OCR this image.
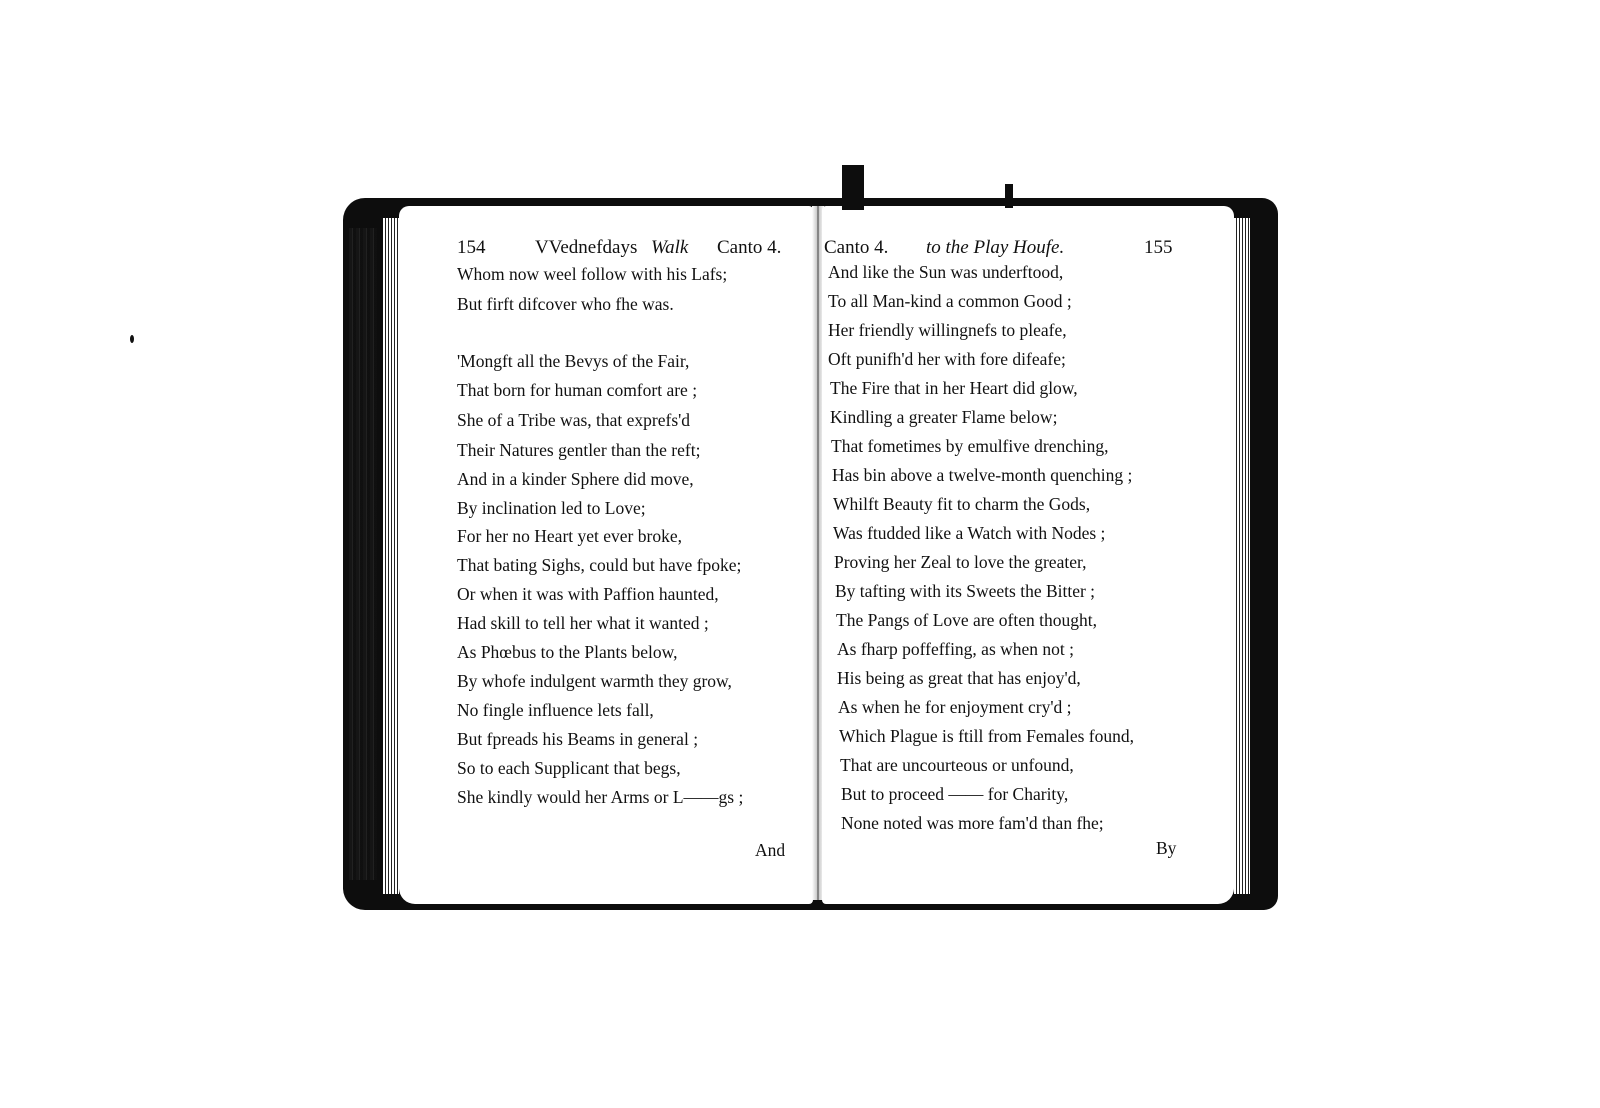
154	VVednefdays Walk Canto 4.
Whom now weel follow with his Lafs;
But firft difcover who fhe was.
'Mongft all the Bevys of the Fair,
That born for human comfort are ;
She of a Tribe was, that exprefs'd
Their Natures gentler than the reft;
And in a kinder Sphere did move,
By inclination led to Love;
For her no Heart yet ever broke,
That bating Sighs, could but have fpoke;
Or when it was with Paffion haunted,
Had skill to tell her what it wanted ;
As Phœbus to the Plants below,
By whofe indulgent warmth they grow,
No fingle influence lets fall,
But fpreads his Beams in general ;
So to each Supplicant that begs,
She kindly would her Arms or L——gs ;
And
Canto 4. to the Play Houfe.	155
And like the Sun was underftood,
To all Man-kind a common Good ;
Her friendly willingnefs to pleafe,
Oft punifh'd her with fore difeafe;
The Fire that in her Heart did glow,
Kindling a greater Flame below;
That fometimes by emulfive drenching,
Has bin above a twelve-month quenching ;
Whilft Beauty fit to charm the Gods,
Was ftudded like a Watch with Nodes ;
Proving her Zeal to love the greater,
By tafting with its Sweets the Bitter ;
The Pangs of Love are often thought,
As fharp poffeffing, as when not ;
His being as great that has enjoy'd,
As when he for enjoyment cry'd ;
Which Plague is ftill from Females found,
That are uncourteous or unfound,
But to proceed —— for Charity,
None noted was more fam'd than fhe;
By
